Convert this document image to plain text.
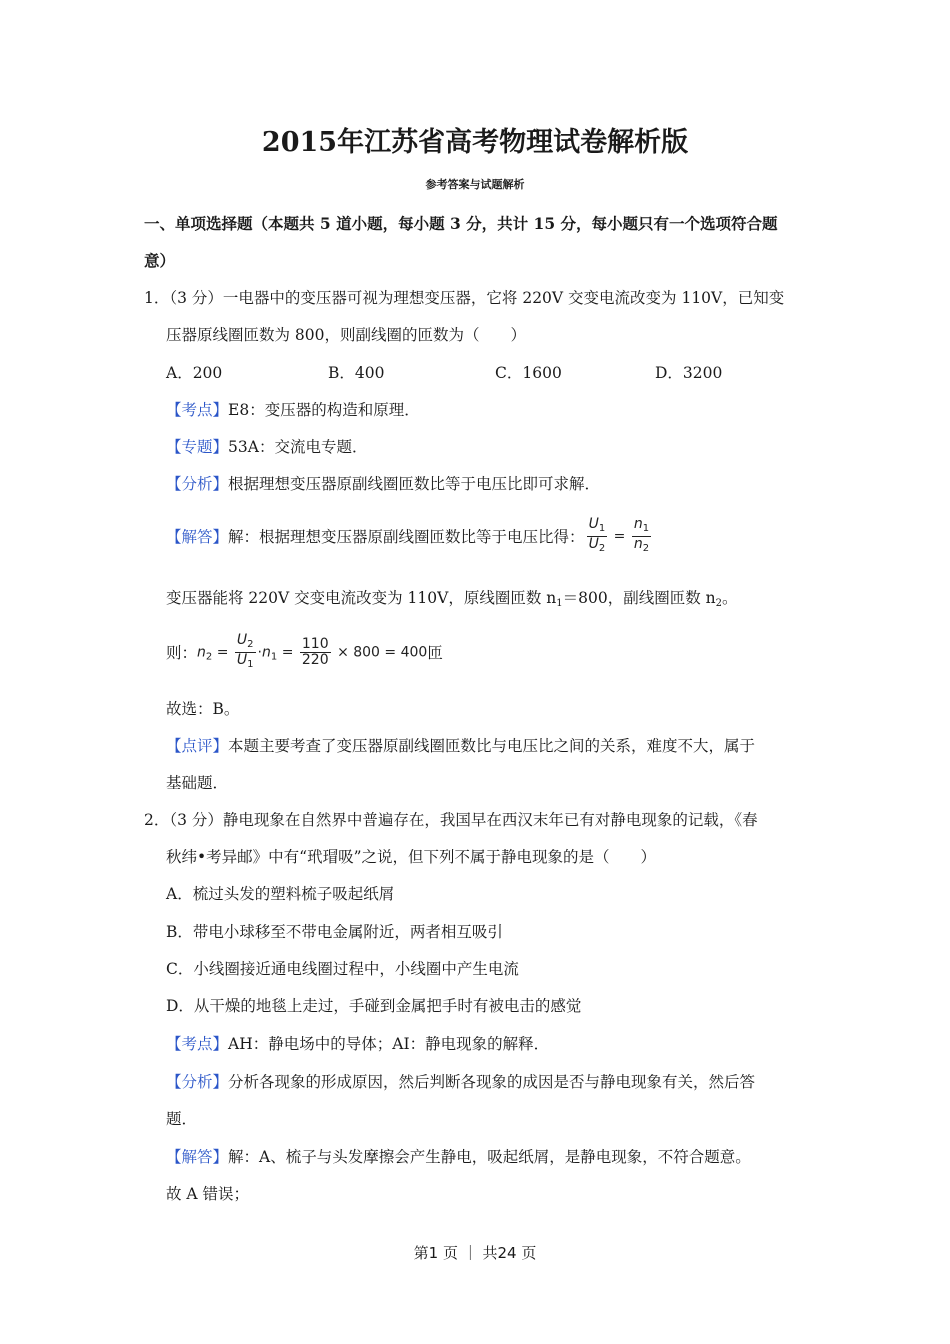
2015年江苏省高考物理试卷解析版
参考答案与试题解析
一、单项选择题（本题共 5 道小题，每小题 3 分，共计 15 分，每小题只有一个选项符合题
意）
1．（3 分）一电器中的变压器可视为理想变压器，它将 220V 交变电流改变为 110V，已知变
压器原线圈匝数为 800，则副线圈的匝数为（　　）
A．200	B．400	C．1600	D．3200
【考点】E8：变压器的构造和原理．
【专题】53A：交流电专题．
【分析】根据理想变压器原副线圈匝数比等于电压比即可求解．
【解答】 解：根据理想变压器原副线圈匝数比等于电压比得： $\frac{U_1}{U_2} = \frac{n_1}{n_2}$
变压器能将 220V 交变电流改变为 110V，原线圈匝数 $n_1=800$，副线圈匝数 $n_2$。
则： $n_2 = \frac{U_2}{U_1} \cdot n_1 = \frac{110}{220} \times 800 = 400$ 匝
故选：B。
【点评】本题主要考查了变压器原副线圈匝数比与电压比之间的关系，难度不大，属于
基础题．
2．（3 分）静电现象在自然界中普遍存在，我国早在西汉末年已有对静电现象的记载，《春
秋纬•考异邮》中有“玳瑁吸”之说，但下列不属于静电现象的是（　　）
A．梳过头发的塑料梳子吸起纸屑
B．带电小球移至不带电金属附近，两者相互吸引
C．小线圈接近通电线圈过程中，小线圈中产生电流
D．从干燥的地毯上走过，手碰到金属把手时有被电击的感觉
【考点】AH：静电场中的导体；AI：静电现象的解释．
【分析】分析各现象的形成原因，然后判断各现象的成因是否与静电现象有关，然后答
题．
【解答】解：A、梳子与头发摩擦会产生静电，吸起纸屑，是静电现象，不符合题意。
故 A 错误；
第1 页 ｜ 共24 页
